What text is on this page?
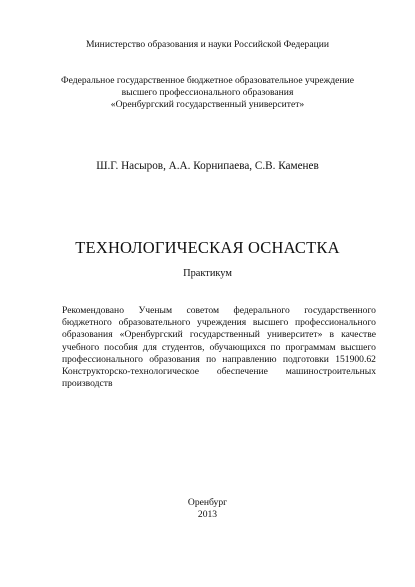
Министерство образования и науки Российской Федерации
Федеральное государственное бюджетное образовательное учреждение
высшего профессионального образования
«Оренбургский государственный университет»
Ш.Г. Насыров, А.А. Корнипаева, С.В. Каменев
ТЕХНОЛОГИЧЕСКАЯ ОСНАСТКА
Практикум
Рекомендовано Ученым советом федерального государственного
бюджетного образовательного учреждения высшего профессионального
образования «Оренбургский государственный университет» в качестве
учебного пособия для студентов, обучающихся по программам высшего
профессионального образования по направлению подготовки 151900.62
Конструкторско-технологическое обеспечение машиностроительных
производств
Оренбург
2013
